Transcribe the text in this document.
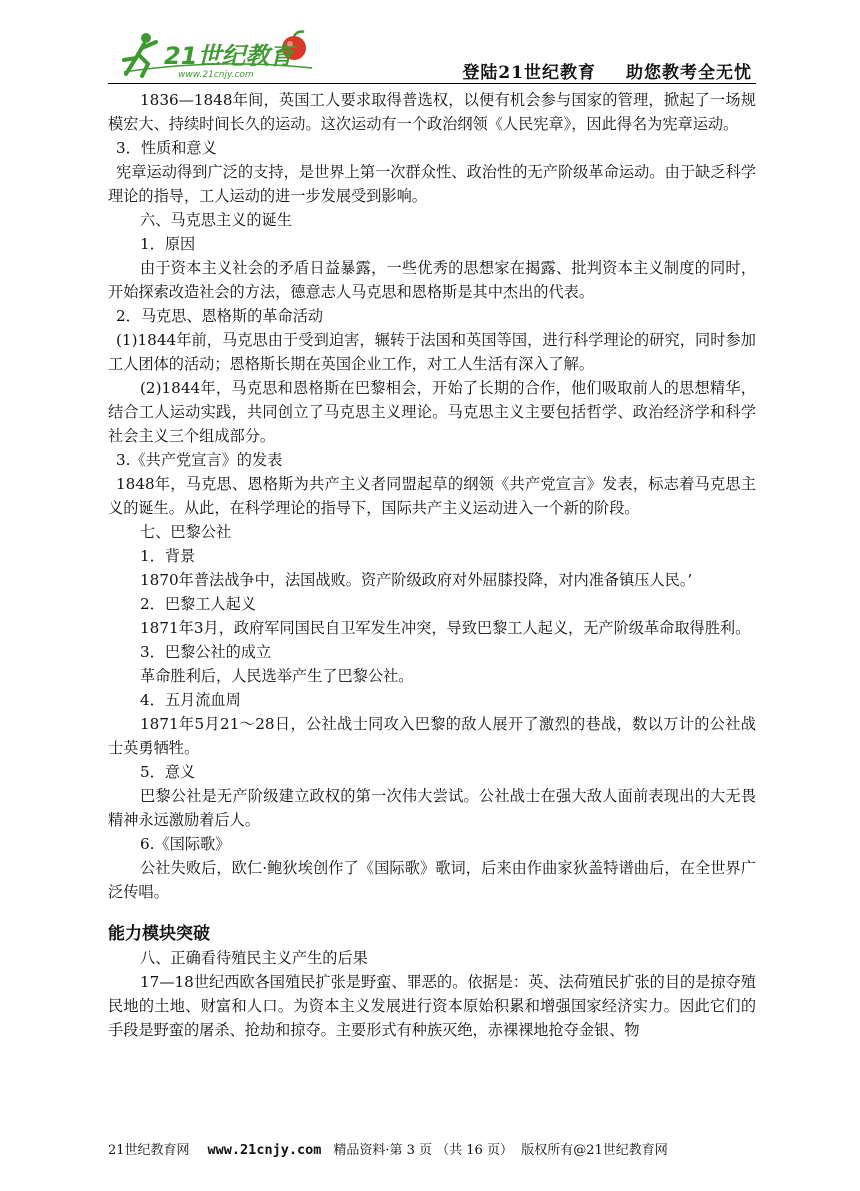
21世纪教育
www.21cnjy.com	登陆21世纪教育 助您教考全无忧

1836—1848年间，英国工人要求取得普选权，以便有机会参与国家的管理，掀起了一场规模宏大、持续时间长久的运动。这次运动有一个政治纲领《人民宪章》，因此得名为宪章运动。

3．性质和意义

宪章运动得到广泛的支持，是世界上第一次群众性、政治性的无产阶级革命运动。由于缺乏科学理论的指导，工人运动的进一步发展受到影响。

六、马克思主义的诞生

1．原因

由于资本主义社会的矛盾日益暴露，一些优秀的思想家在揭露、批判资本主义制度的同时，开始探索改造社会的方法，德意志人马克思和恩格斯是其中杰出的代表。

2．马克思、恩格斯的革命活动

(1)1844年前，马克思由于受到迫害，辗转于法国和英国等国，进行科学理论的研究，同时参加工人团体的活动；恩格斯长期在英国企业工作，对工人生活有深入了解。

(2)1844年，马克思和恩格斯在巴黎相会，开始了长期的合作，他们吸取前人的思想精华，结合工人运动实践，共同创立了马克思主义理论。马克思主义主要包括哲学、政治经济学和科学社会主义三个组成部分。

3.《共产党宣言》的发表

1848年，马克思、恩格斯为共产主义者同盟起草的纲领《共产党宣言》发表，标志着马克思主义的诞生。从此，在科学理论的指导下，国际共产主义运动进入一个新的阶段。

七、巴黎公社

1．背景

1870年普法战争中，法国战败。资产阶级政府对外屈膝投降，对内准备镇压人民。’

2．巴黎工人起义

1871年3月，政府军同国民自卫军发生冲突，导致巴黎工人起义，无产阶级革命取得胜利。

3．巴黎公社的成立

革命胜利后，人民选举产生了巴黎公社。

4．五月流血周

1871年5月21～28日，公社战士同攻入巴黎的敌人展开了激烈的巷战，数以万计的公社战士英勇牺牲。

5．意义

巴黎公社是无产阶级建立政权的第一次伟大尝试。公社战士在强大敌人面前表现出的大无畏精神永远激励着后人。

6.《国际歌》

公社失败后，欧仁·鲍狄埃创作了《国际歌》歌词，后来由作曲家狄盖特谱曲后，在全世界广泛传唱。

能力模块突破

八、正确看待殖民主义产生的后果

17—18世纪西欧各国殖民扩张是野蛮、罪恶的。依据是：英、法荷殖民扩张的目的是掠夺殖民地的土地、财富和人口。为资本主义发展进行资本原始积累和增强国家经济实力。因此它们的手段是野蛮的屠杀、抢劫和掠夺。主要形式有种族灭绝，赤裸裸地抢夺金银、物

21世纪教育网 www.21cnjy.com 精品资料·第 3 页 （共 16 页） 版权所有@21世纪教育网
